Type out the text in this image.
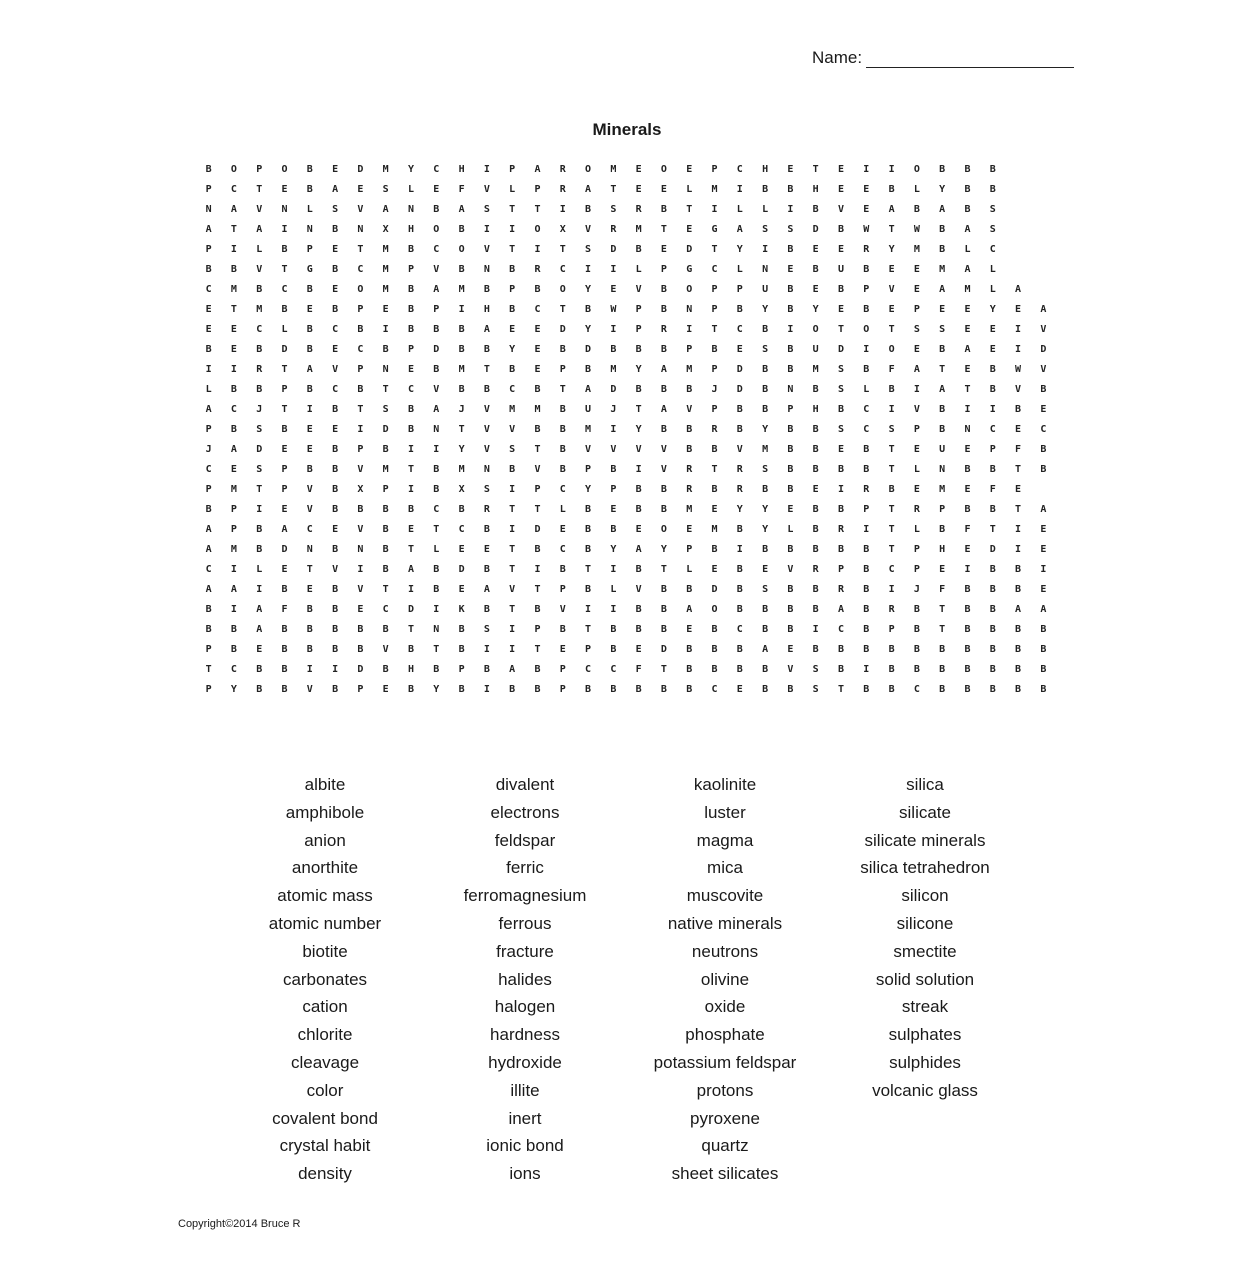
Name:
Minerals
B	O	P	O	B	E	D	M	Y	C	H	I	P	A	R	O	M	E	O	E	P	C	H	E	T	E	I	I	O	B	B	B
P	C	T	E	B	A	E	S	L	E	F	V	L	P	R	A	T	E	E	L	M	I	B	B	H	E	E	B	L	Y	B	B
N	A	V	N	L	S	V	A	N	B	A	S	T	T	I	B	S	R	B	T	I	L	L	I	B	V	E	A	B	A	B	S
A	T	A	I	N	B	N	X	H	O	B	I	I	O	X	V	R	M	T	E	G	A	S	S	D	B	W	T	W	B	A	S
P	I	L	B	P	E	T	M	B	C	O	V	T	I	T	S	D	B	E	D	T	Y	I	B	E	E	R	Y	M	B	L	C
B	B	V	T	G	B	C	M	P	V	B	N	B	R	C	I	I	L	P	G	C	L	N	E	B	U	B	E	E	M	A	L
C	M	B	C	B	E	O	M	B	A	M	B	P	B	O	Y	E	V	B	O	P	P	U	B	E	B	P	V	E	A	M	L	A
E	T	M	B	E	B	P	E	B	P	I	H	B	C	T	B	W	P	B	N	P	B	Y	B	Y	E	B	E	P	E	E	Y	E	A
E	E	C	L	B	C	B	I	B	B	B	A	E	E	D	Y	I	P	R	I	T	C	B	I	O	T	O	T	S	S	E	E	I	V
B	E	B	D	B	E	C	B	P	D	B	B	Y	E	B	D	B	B	B	P	B	E	S	B	U	D	I	O	E	B	A	E	I	D
I	I	R	T	A	V	P	N	E	B	M	T	B	E	P	B	M	Y	A	M	P	D	B	B	M	S	B	F	A	T	E	B	W	V
L	B	B	P	B	C	B	T	C	V	B	B	C	B	T	A	D	B	B	B	J	D	B	N	B	S	L	B	I	A	T	B	V	B
A	C	J	T	I	B	T	S	B	A	J	V	M	M	B	U	J	T	A	V	P	B	B	P	H	B	C	I	V	B	I	I	B	E
P	B	S	B	E	E	I	D	B	N	T	V	V	B	B	M	I	Y	B	B	R	B	Y	B	B	S	C	S	P	B	N	C	E	C
J	A	D	E	E	B	P	B	I	I	Y	V	S	T	B	V	V	V	V	B	B	V	M	B	B	E	B	T	E	U	E	P	F	B
C	E	S	P	B	B	V	M	T	B	M	N	B	V	B	P	B	I	V	R	T	R	S	B	B	B	B	T	L	N	B	B	T	B
P	M	T	P	V	B	X	P	I	B	X	S	I	P	C	Y	P	B	B	R	B	R	B	B	E	I	R	B	E	M	E	F	E
B	P	I	E	V	B	B	B	B	C	B	R	T	T	L	B	E	B	B	M	E	Y	Y	E	B	B	P	T	R	P	B	B	T	A
A	P	B	A	C	E	V	B	E	T	C	B	I	D	E	B	B	E	O	E	M	B	Y	L	B	R	I	T	L	B	F	T	I	E
A	M	B	D	N	B	N	B	T	L	E	E	T	B	C	B	Y	A	Y	P	B	I	B	B	B	B	B	T	P	H	E	D	I	E
C	I	L	E	T	V	I	B	A	B	D	B	T	I	B	T	I	B	T	L	E	B	E	V	R	P	B	C	P	E	I	B	B	I
A	A	I	B	E	B	V	T	I	B	E	A	V	T	P	B	L	V	B	B	D	B	S	B	B	R	B	I	J	F	B	B	B	E
B	I	A	F	B	B	E	C	D	I	K	B	T	B	V	I	I	B	B	A	O	B	B	B	B	A	B	R	B	T	B	B	A	A
B	B	A	B	B	B	B	B	T	N	B	S	I	P	B	T	B	B	B	E	B	C	B	B	I	C	B	P	B	T	B	B	B	B
P	B	E	B	B	B	B	V	B	T	B	I	I	T	E	P	B	E	D	B	B	B	A	E	B	B	B	B	B	B	B	B	B	B
T	C	B	B	I	I	D	B	H	B	P	B	A	B	P	C	C	F	T	B	B	B	B	V	S	B	I	B	B	B	B	B	B	B
P	Y	B	B	V	B	P	E	B	Y	B	I	B	B	P	B	B	B	B	B	C	E	B	B	S	T	B	B	C	B	B	B	B	B
albite
amphibole
anion
anorthite
atomic mass
atomic number
biotite
carbonates
cation
chlorite
cleavage
color
covalent bond
crystal habit
density
divalent
electrons
feldspar
ferric
ferromagnesium
ferrous
fracture
halides
halogen
hardness
hydroxide
illite
inert
ionic bond
ions
kaolinite
luster
magma
mica
muscovite
native minerals
neutrons
olivine
oxide
phosphate
potassium feldspar
protons
pyroxene
quartz
sheet silicates
silica
silicate
silicate minerals
silica tetrahedron
silicon
silicone
smectite
solid solution
streak
sulphates
sulphides
volcanic glass
Copyright©2014 Bruce R
